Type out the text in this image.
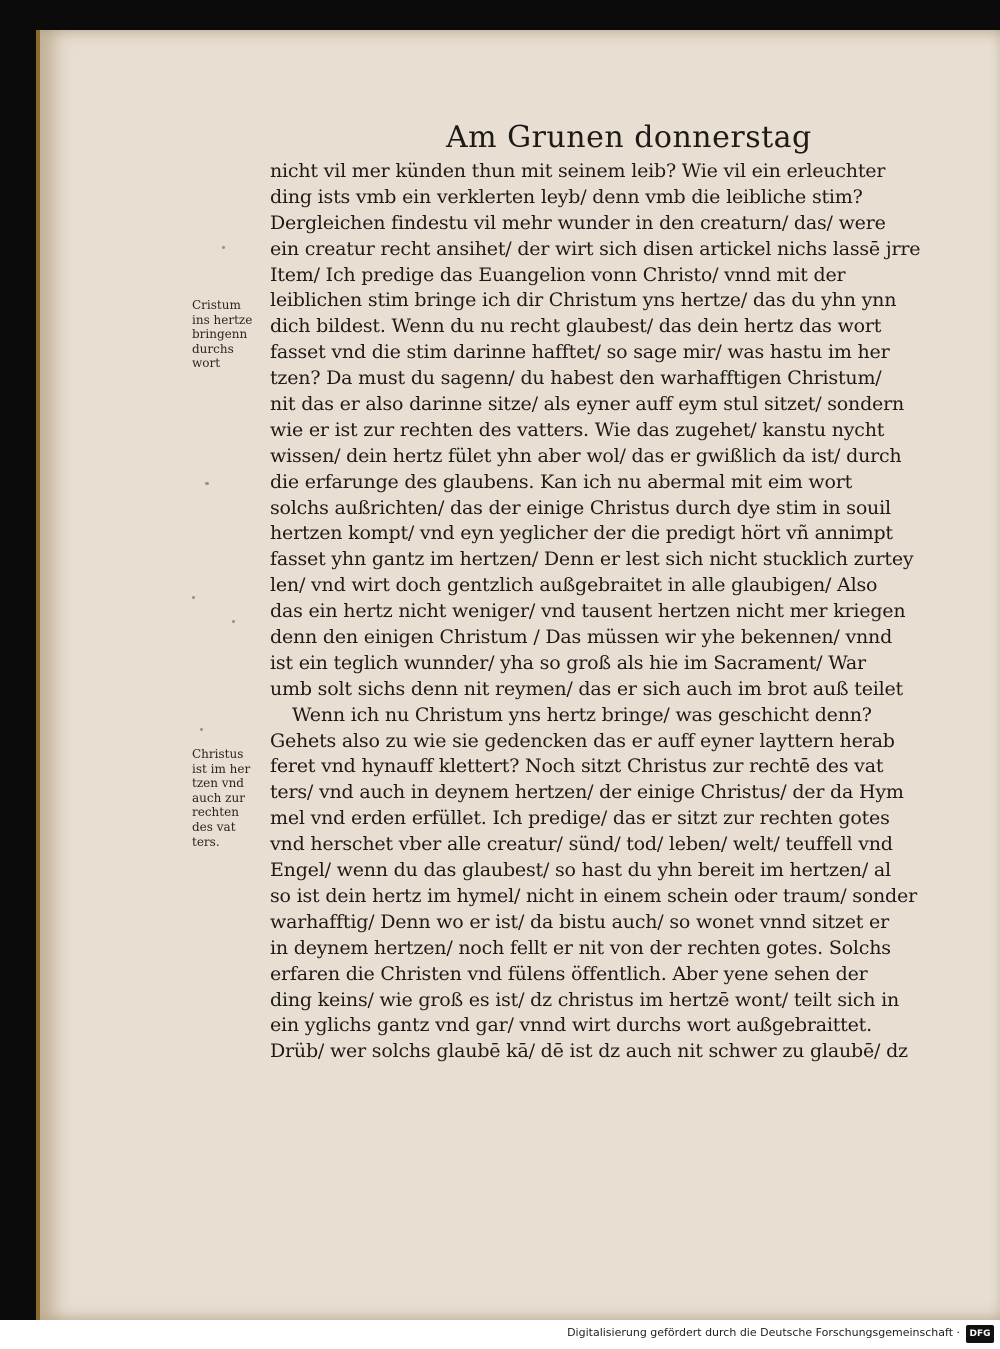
Am Grunen donnerstag
nicht vil mer künden thun mit seinem leib? Wie vil ein erleuchter
ding ists vmb ein verklerten leyb/ denn vmb die leibliche stim?
Dergleichen findestu vil mehr wunder in den creaturn/ das/ were
ein creatur recht ansihet/ der wirt sich disen artickel nichs lassē jrre
Item/ Ich predige das Euangelion vonn Christo/ vnnd mit der
leiblichen stim bringe ich dir Christum yns hertze/ das du yhn ynn
dich bildest. Wenn du nu recht glaubest/ das dein hertz das wort
fasset vnd die stim darinne hafftet/ so sage mir/ was hastu im her
tzen? Da must du sagenn/ du habest den warhafftigen Christum/
nit das er also darinne sitze/ als eyner auff eym stul sitzet/ sondern
wie er ist zur rechten des vatters. Wie das zugehet/ kanstu nycht
wissen/ dein hertz fület yhn aber wol/ das er gwißlich da ist/ durch
die erfarunge des glaubens. Kan ich nu abermal mit eim wort
solchs außrichten/ das der einige Christus durch dye stim in souil
hertzen kompt/ vnd eyn yeglicher der die predigt hört vñ annimpt
fasset yhn gantz im hertzen/ Denn er lest sich nicht stucklich zurtey
len/ vnd wirt doch gentzlich außgebraitet in alle glaubigen/ Also
das ein hertz nicht weniger/ vnd tausent hertzen nicht mer kriegen
denn den einigen Christum / Das müssen wir yhe bekennen/ vnnd
ist ein teglich wunnder/ yha so groß als hie im Sacrament/ War
umb solt sichs denn nit reymen/ das er sich auch im brot auß teilet
Wenn ich nu Christum yns hertz bringe/ was geschicht denn?
Gehets also zu wie sie gedencken das er auff eyner layttern herab
feret vnd hynauff klettert? Noch sitzt Christus zur rechtē des vat
ters/ vnd auch in deynem hertzen/ der einige Christus/ der da Hym
mel vnd erden erfüllet. Ich predige/ das er sitzt zur rechten gotes
vnd herschet vber alle creatur/ sünd/ tod/ leben/ welt/ teuffell vnd
Engel/ wenn du das glaubest/ so hast du yhn bereit im hertzen/ al
so ist dein hertz im hymel/ nicht in einem schein oder traum/ sonder
warhafftig/ Denn wo er ist/ da bistu auch/ so wonet vnnd sitzet er
in deynem hertzen/ noch fellt er nit von der rechten gotes. Solchs
erfaren die Christen vnd fülens öffentlich. Aber yene sehen der
ding keins/ wie groß es ist/ dz christus im hertzē wont/ teilt sich in
ein yglichs gantz vnd gar/ vnnd wirt durchs wort außgebraittet.
Drüb/ wer solchs glaubē kā/ dē ist dz auch nit schwer zu glaubē/ dz
Cristum
ins hertze
bringenn
durchs
wort
Christus
ist im her
tzen vnd
auch zur
rechten
des vat
ters.
Digitalisierung gefördert durch die Deutsche Forschungsgemeinschaft ·	DFG
